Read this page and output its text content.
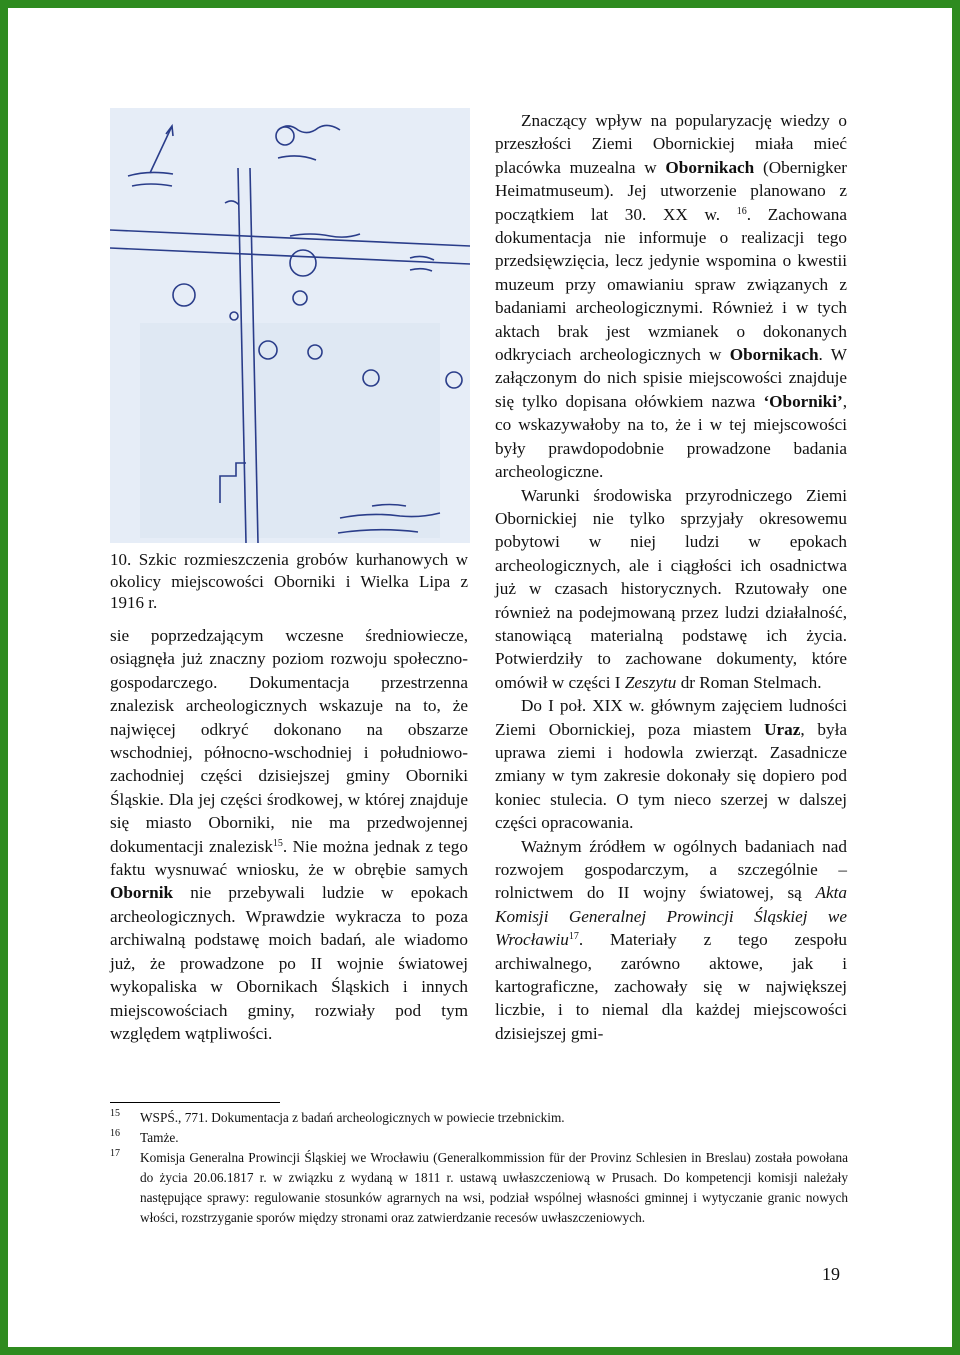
10. Szkic rozmieszczenia grobów kurhanowych w okolicy miejscowości Oborniki i Wielka Lipa z 1916 r.

sie poprzedzającym wczesne średniowiecze, osiągnęła już znaczny poziom rozwoju społeczno-gospodarczego. Dokumentacja przestrzenna znalezisk archeologicznych wskazuje na to, że najwięcej odkryć dokonano na obszarze wschodniej, północno-wschodniej i południowo-zachodniej części dzisiejszej gminy Oborniki Śląskie. Dla jej części środkowej, w której znajduje się miasto Oborniki, nie ma przedwojennej dokumentacji znalezisk$^{15}$. Nie można jednak z tego faktu wysnuwać wniosku, że w obrębie samych Obornik nie przebywali ludzie w epokach archeologicznych. Wprawdzie wykracza to poza archiwalną podstawę moich badań, ale wiadomo już, że prowadzone po II wojnie światowej wykopaliska w Obornikach Śląskich i innych miejscowościach gminy, rozwiały pod tym względem wątpliwości.

Znaczący wpływ na popularyzację wiedzy o przeszłości Ziemi Obornickiej miała mieć placówka muzealna w Obornikach (Obernigker Heimatmuseum). Jej utworzenie planowano z początkiem lat 30. XX w. $^{16}$. Zachowana dokumentacja nie informuje o realizacji tego przedsięwzięcia, lecz jedynie wspomina o kwestii muzeum przy omawianiu spraw związanych z badaniami archeologicznymi. Również i w tych aktach brak jest wzmianek o dokonanych odkryciach archeologicznych w Obornikach. W załączonym do nich spisie miejscowości znajduje się tylko dopisana ołówkiem nazwa ‘Oborniki’, co wskazywałoby na to, że i w tej miejscowości były prawdopodobnie prowadzone badania archeologiczne.

Warunki środowiska przyrodniczego Ziemi Obornickiej nie tylko sprzyjały okresowemu pobytowi w niej ludzi w epokach archeologicznych, ale i ciągłości ich osadnictwa już w czasach historycznych. Rzutowały one również na podejmowaną przez ludzi działalność, stanowiącą materialną podstawę ich życia. Potwierdziły to zachowane dokumenty, które omówił w części I Zeszytu dr Roman Stelmach.

Do I poł. XIX w. głównym zajęciem ludności Ziemi Obornickiej, poza miastem Uraz, była uprawa ziemi i hodowla zwierząt. Zasadnicze zmiany w tym zakresie dokonały się dopiero pod koniec stulecia. O tym nieco szerzej w dalszej części opracowania.

Ważnym źródłem w ogólnych badaniach nad rozwojem gospodarczym, a szczególnie – rolnictwem do II wojny światowej, są Akta Komisji Generalnej Prowincji Śląskiej we Wrocławiu$^{17}$. Materiały z tego zespołu archiwalnego, zarówno aktowe, jak i kartograficzne, zachowały się w największej liczbie, i to niemal dla każdej miejscowości dzisiejszej gmi-

15 WSPŚ., 771. Dokumentacja z badań archeologicznych w powiecie trzebnickim.
16 Tamże.
17 Komisja Generalna Prowincji Śląskiej we Wrocławiu (Generalkommission für der Provinz Schlesien in Breslau) została powołana do życia 20.06.1817 r. w związku z wydaną w 1811 r. ustawą uwłaszczeniową w Prusach. Do kompetencji komisji należały następujące sprawy: regulowanie stosunków agrarnych na wsi, podział wspólnej własności gminnej i wytyczanie granic nowych włości, rozstrzyganie sporów między stronami oraz zatwierdzanie recesów uwłaszczeniowych.
19
